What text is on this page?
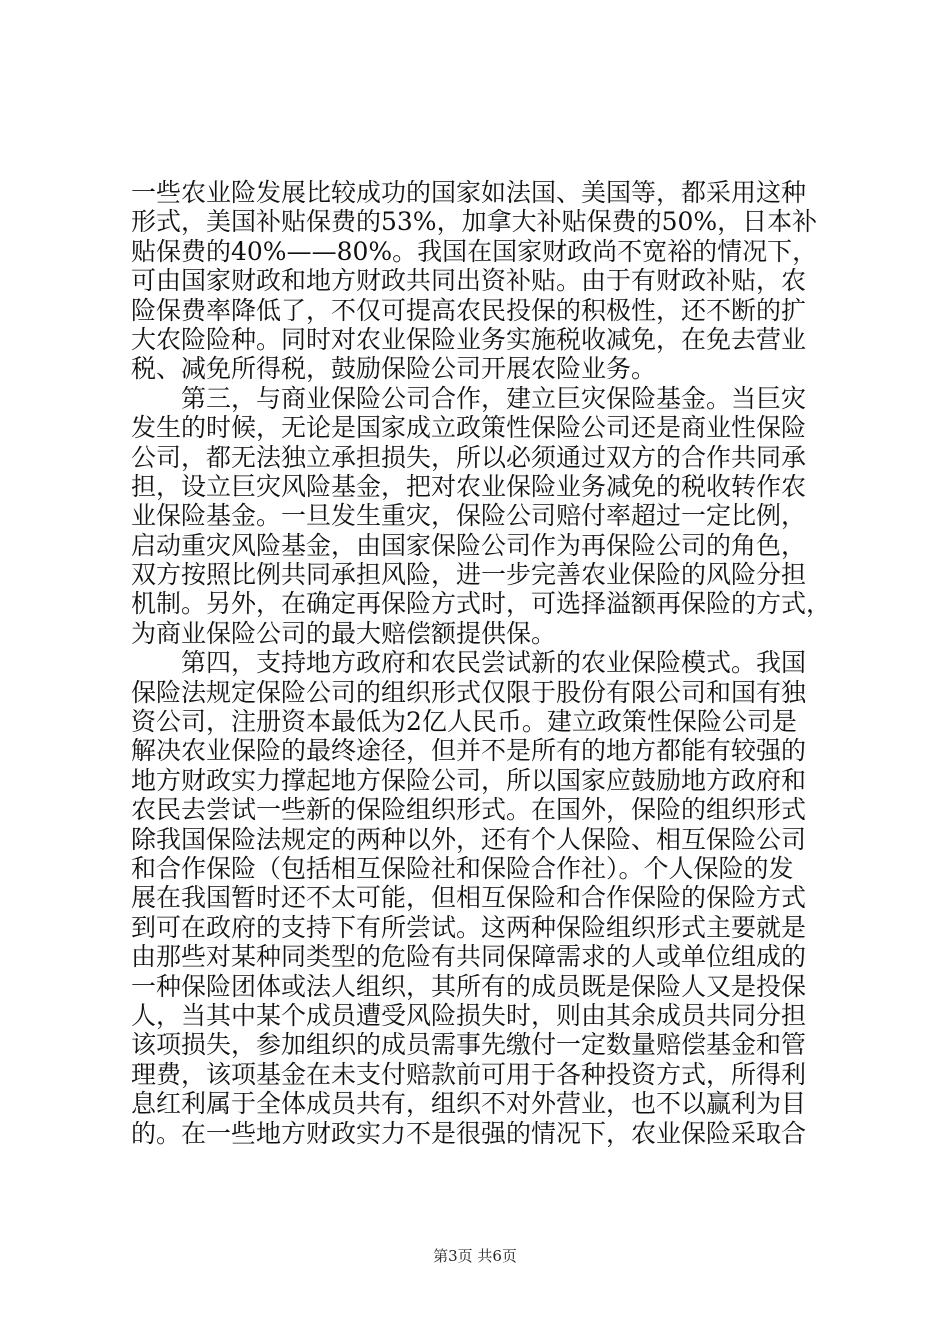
一些农业险发展比较成功的国家如法国、美国等，都采用这种
形式，美国补贴保费的53%，加拿大补贴保费的50%，日本补
贴保费的40%——80%。我国在国家财政尚不宽裕的情况下，
可由国家财政和地方财政共同出资补贴。由于有财政补贴，农
险保费率降低了，不仅可提高农民投保的积极性，还不断的扩
大农险险种。同时对农业保险业务实施税收减免，在免去营业
税、减免所得税，鼓励保险公司开展农险业务。
　　第三，与商业保险公司合作，建立巨灾保险基金。当巨灾
发生的时候，无论是国家成立政策性保险公司还是商业性保险
公司，都无法独立承担损失，所以必须通过双方的合作共同承
担，设立巨灾风险基金，把对农业保险业务减免的税收转作农
业保险基金。一旦发生重灾，保险公司赔付率超过一定比例，
启动重灾风险基金，由国家保险公司作为再保险公司的角色，
双方按照比例共同承担风险，进一步完善农业保险的风险分担
机制。另外，在确定再保险方式时，可选择溢额再保险的方式，
为商业保险公司的最大赔偿额提供保。
　　第四，支持地方政府和农民尝试新的农业保险模式。我国
保险法规定保险公司的组织形式仅限于股份有限公司和国有独
资公司，注册资本最低为2亿人民币。建立政策性保险公司是
解决农业保险的最终途径，但并不是所有的地方都能有较强的
地方财政实力撑起地方保险公司，所以国家应鼓励地方政府和
农民去尝试一些新的保险组织形式。在国外，保险的组织形式
除我国保险法规定的两种以外，还有个人保险、相互保险公司
和合作保险（包括相互保险社和保险合作社）。个人保险的发
展在我国暂时还不太可能，但相互保险和合作保险的保险方式
到可在政府的支持下有所尝试。这两种保险组织形式主要就是
由那些对某种同类型的危险有共同保障需求的人或单位组成的
一种保险团体或法人组织，其所有的成员既是保险人又是投保
人，当其中某个成员遭受风险损失时，则由其余成员共同分担
该项损失，参加组织的成员需事先缴付一定数量赔偿基金和管
理费，该项基金在未支付赔款前可用于各种投资方式，所得利
息红利属于全体成员共有，组织不对外营业，也不以赢利为目
的。在一些地方财政实力不是很强的情况下，农业保险采取合
第3页 共6页
